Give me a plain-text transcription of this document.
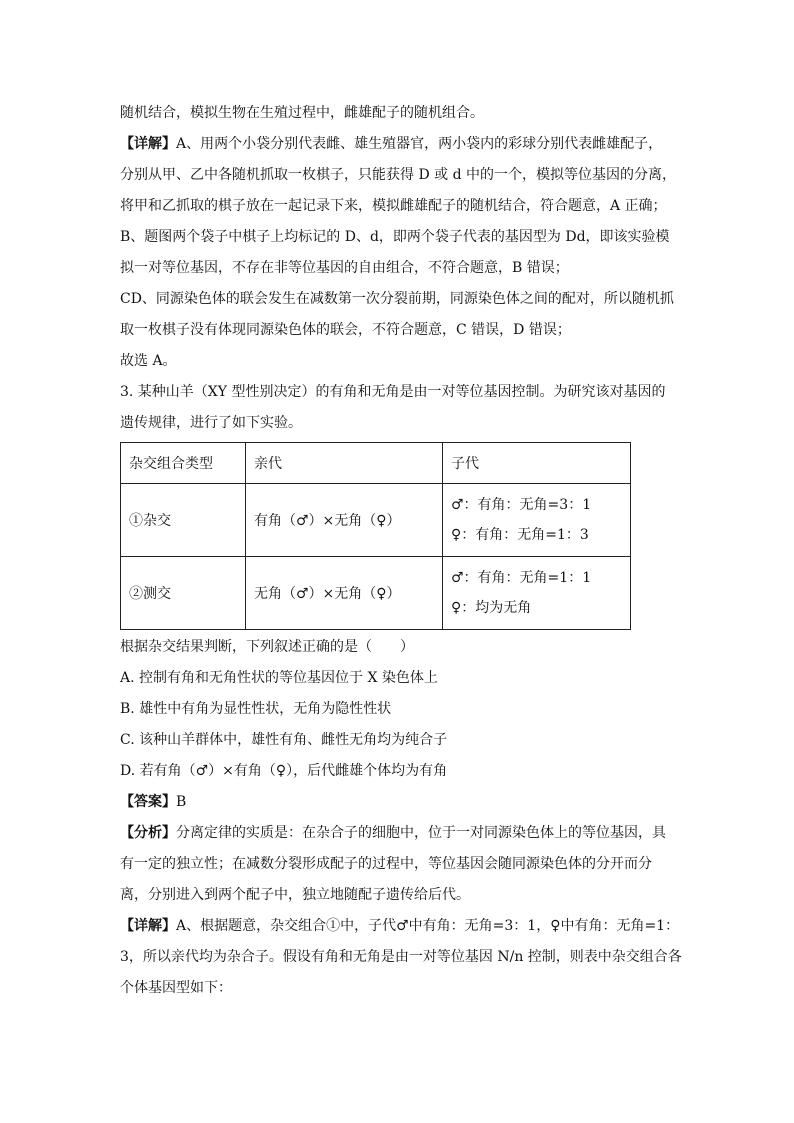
随机结合，模拟生物在生殖过程中，雌雄配子的随机组合。
【详解】A、用两个小袋分别代表雌、雄生殖器官，两小袋内的彩球分别代表雌雄配子，
分别从甲、乙中各随机抓取一枚棋子，只能获得 D 或 d 中的一个，模拟等位基因的分离，
将甲和乙抓取的棋子放在一起记录下来，模拟雌雄配子的随机结合，符合题意，A 正确；
B、题图两个袋子中棋子上均标记的 D、d，即两个袋子代表的基因型为 Dd，即该实验模
拟一对等位基因，不存在非等位基因的自由组合，不符合题意，B 错误；
CD、同源染色体的联会发生在减数第一次分裂前期，同源染色体之间的配对，所以随机抓
取一枚棋子没有体现同源染色体的联会，不符合题意，C 错误，D 错误；
故选 A。
3. 某种山羊（XY 型性别决定）的有角和无角是由一对等位基因控制。为研究该对基因的
遗传规律，进行了如下实验。
杂交组合类型	亲代	子代
①杂交	有角（♂）×无角（♀）	♂：有角：无角=3：1
♀：有角：无角=1：3

②测交	无角（♂）×无角（♀）	♂：有角：无角=1：1
♀：均为无角
根据杂交结果判断，下列叙述正确的是（　　）
A. 控制有角和无角性状的等位基因位于 X 染色体上
B. 雄性中有角为显性性状，无角为隐性性状
C. 该种山羊群体中，雄性有角、雌性无角均为纯合子
D. 若有角（♂）×有角（♀），后代雌雄个体均为有角
【答案】B
【分析】分离定律的实质是：在杂合子的细胞中，位于一对同源染色体上的等位基因，具
有一定的独立性；在减数分裂形成配子的过程中，等位基因会随同源染色体的分开而分
离，分别进入到两个配子中，独立地随配子遗传给后代。
【详解】A、根据题意，杂交组合①中，子代♂中有角：无角=3：1，♀中有角：无角=1：
3，所以亲代均为杂合子。假设有角和无角是由一对等位基因 N/n 控制，则表中杂交组合各
个体基因型如下：
